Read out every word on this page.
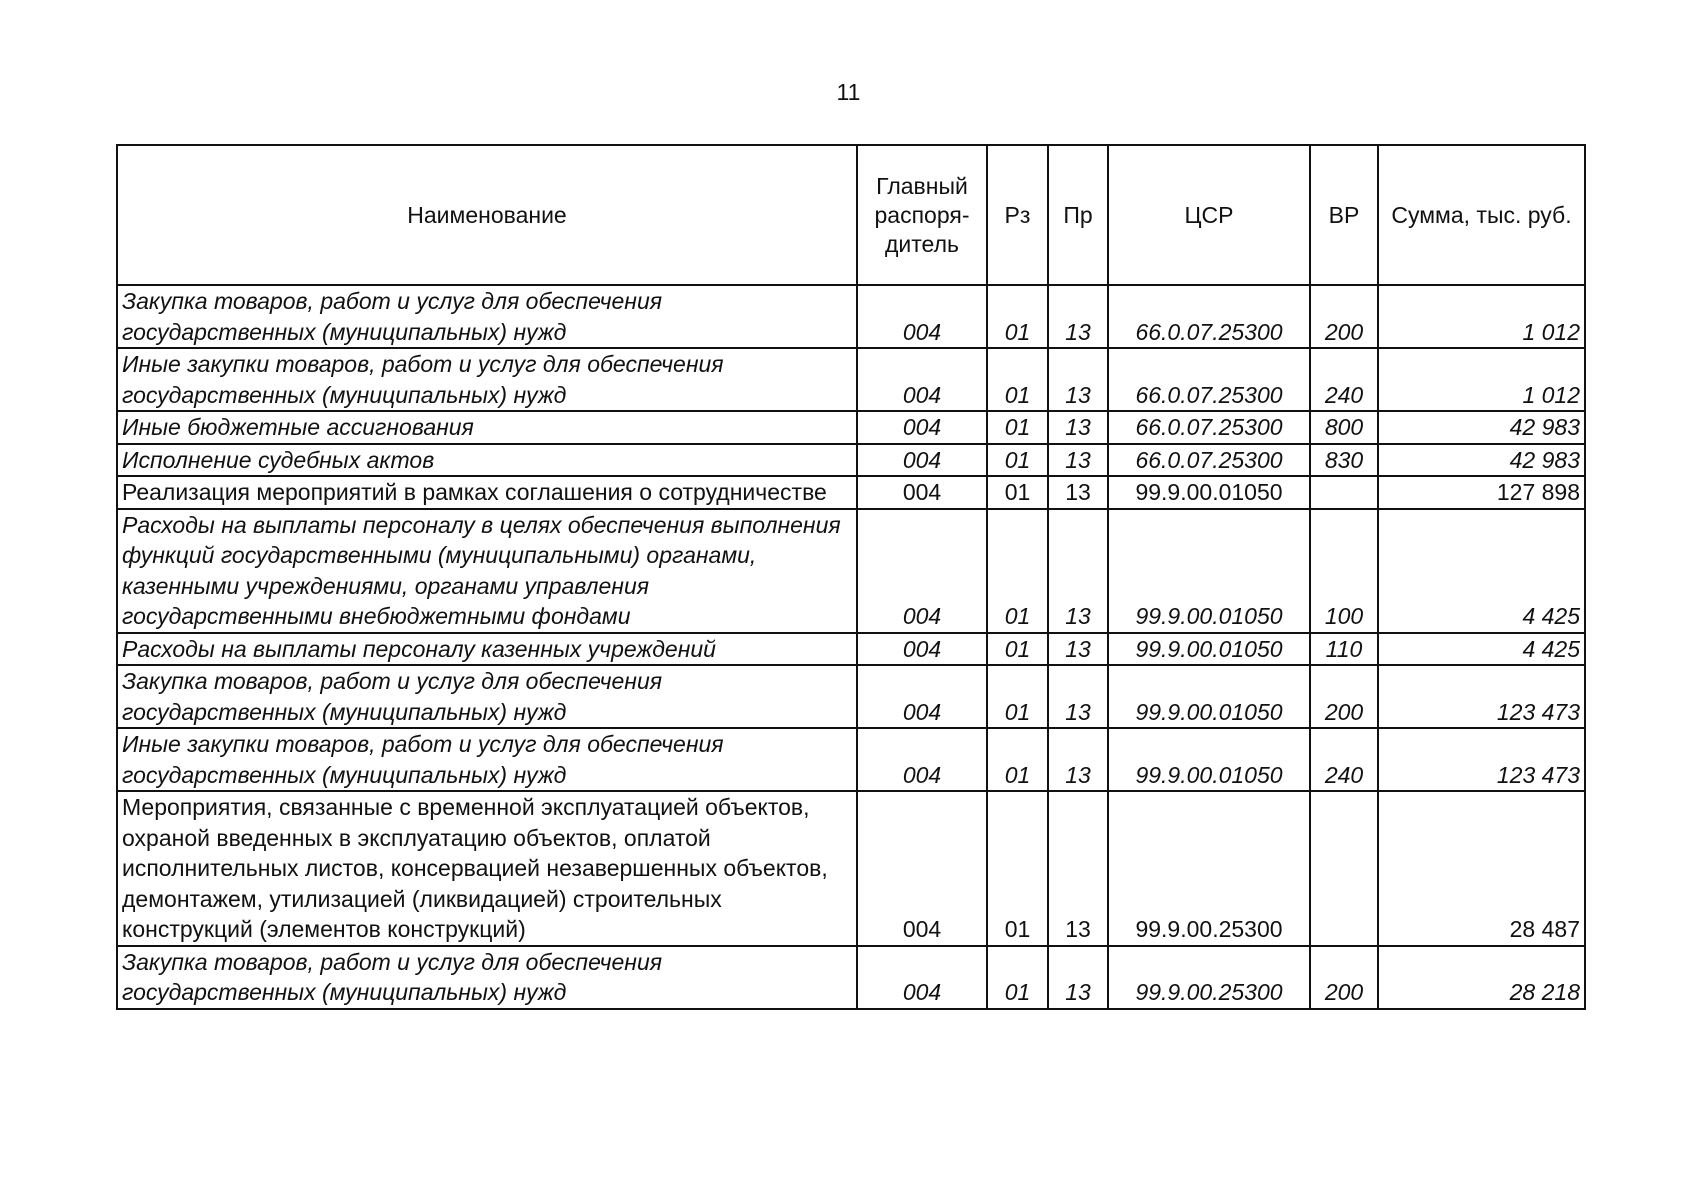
11
Наименование	Главный распоря-дитель	Рз	Пр	ЦСР	ВР	Сумма, тыс. руб.
Закупка товаров, работ и услуг для обеспечения государственных (муниципальных) нужд	004	01	13	66.0.07.25300	200	1 012
Иные закупки товаров, работ и услуг для обеспечения государственных (муниципальных) нужд	004	01	13	66.0.07.25300	240	1 012
Иные бюджетные ассигнования	004	01	13	66.0.07.25300	800	42 983
Исполнение судебных актов	004	01	13	66.0.07.25300	830	42 983
Реализация мероприятий в рамках соглашения о сотрудничестве	004	01	13	99.9.00.01050		127 898
Расходы на выплаты персоналу в целях обеспечения выполнения функций государственными (муниципальными) органами, казенными учреждениями, органами управления государственными внебюджетными фондами	004	01	13	99.9.00.01050	100	4 425
Расходы на выплаты персоналу казенных учреждений	004	01	13	99.9.00.01050	110	4 425
Закупка товаров, работ и услуг для обеспечения государственных (муниципальных) нужд	004	01	13	99.9.00.01050	200	123 473
Иные закупки товаров, работ и услуг для обеспечения государственных (муниципальных) нужд	004	01	13	99.9.00.01050	240	123 473
Мероприятия, связанные с временной эксплуатацией объектов, охраной введенных в эксплуатацию объектов, оплатой исполнительных листов, консервацией незавершенных объектов, демонтажем, утилизацией (ликвидацией) строительных конструкций (элементов конструкций)	004	01	13	99.9.00.25300		28 487
Закупка товаров, работ и услуг для обеспечения государственных (муниципальных) нужд	004	01	13	99.9.00.25300	200	28 218
